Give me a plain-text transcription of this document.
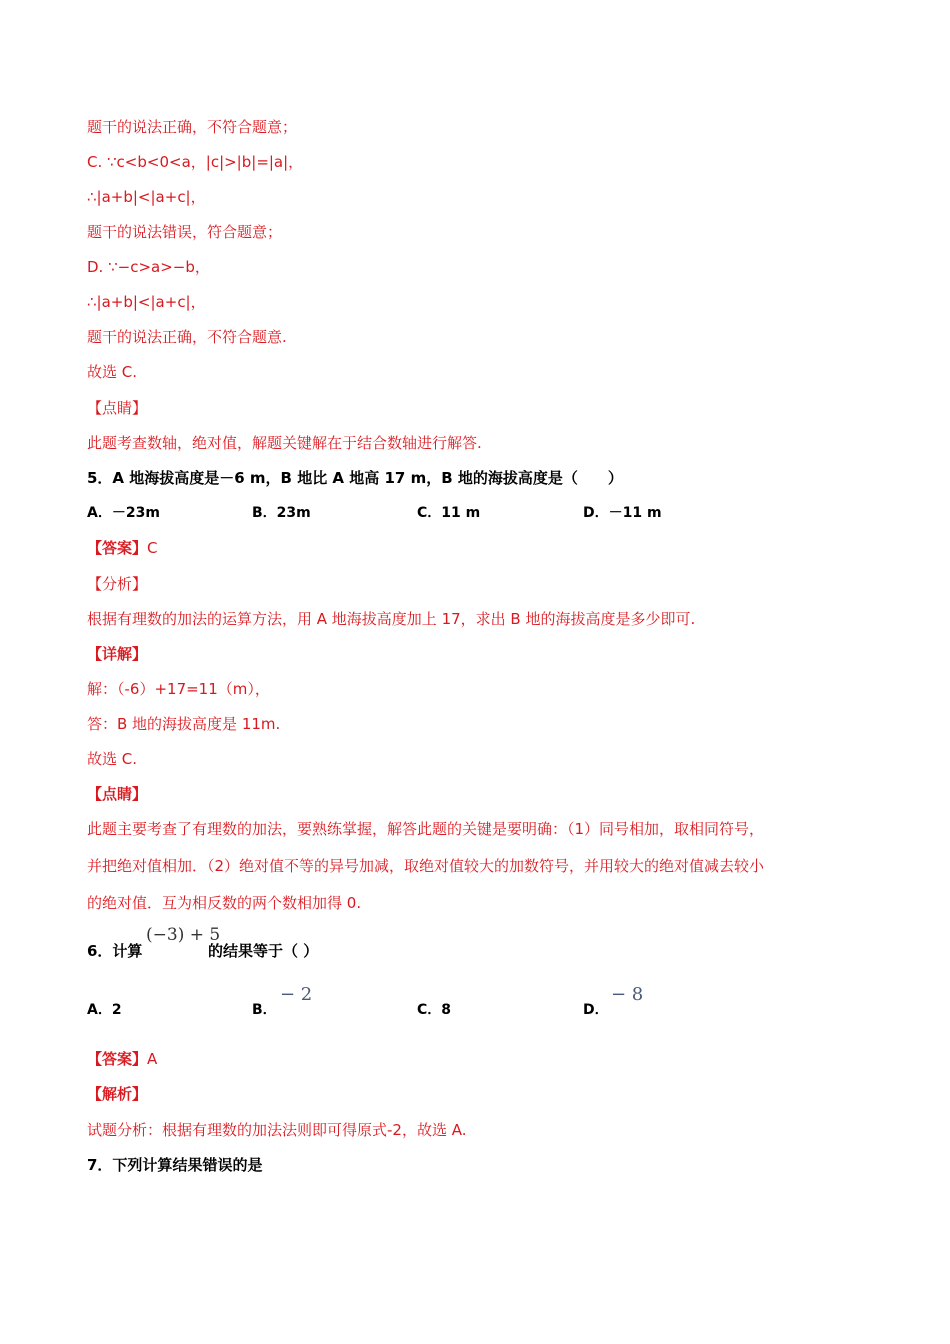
题干的说法正确，不符合题意；
C. ∵c<b<0<a，|c|>|b|=|a|，
∴|a+b|<|a+c|，
题干的说法错误，符合题意；
D. ∵−c>a>−b，
∴|a+b|<|a+c|，
题干的说法正确，不符合题意.
故选 C.
【点睛】
此题考查数轴，绝对值，解题关键解在于结合数轴进行解答.
5．A 地海拔高度是－6 m，B 地比 A 地高 17 m，B 地的海拔高度是（　　）
A．－23m	B．23m	C．11 m	D．－11 m
【答案】C
【分析】
根据有理数的加法的运算方法，用 A 地海拔高度加上 17，求出 B 地的海拔高度是多少即可.
【详解】
解：（-6）+17=11（m），
答：B 地的海拔高度是 11m.
故选 C.
【点睛】
此题主要考查了有理数的加法，要熟练掌握，解答此题的关键是要明确：（1）同号相加，取相同符号，
并把绝对值相加．（2）绝对值不等的异号加减，取绝对值较大的加数符号，并用较大的绝对值减去较小
的绝对值．互为相反数的两个数相加得 0.
6．计算
(−3) + 5
的结果等于（ ）
A．2	B．
− 2
C．8	D．
− 8
【答案】A
【解析】
试题分析：根据有理数的加法法则即可得原式-2，故选 A.
7．下列计算结果错误的是
